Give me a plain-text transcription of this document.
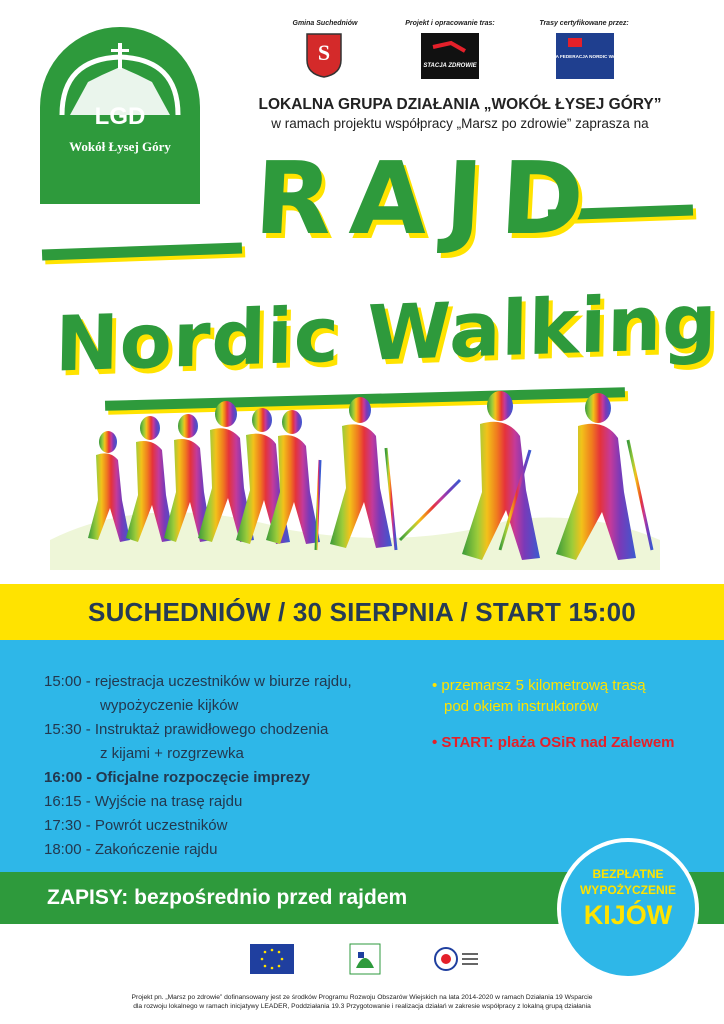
LGD
Wokół Łysej Góry
Gmina Suchedniów
S
Projekt i opracowanie tras:
STACJA ZDROWIE
Trasy certyfikowane przez:
POLSKA FEDERACJA NORDIC WALKING
LOKALNA GRUPA DZIAŁANIA „WOKÓŁ ŁYSEJ GÓRY”
w ramach projektu współpracy „Marsz po zdrowie” zaprasza na
RAJD
Nordic Walking
SUCHEDNIÓW / 30 SIERPNIA / START 15:00
15:00 - rejestracja uczestników w biurze rajdu,
wypożyczenie kijków
15:30 - Instruktaż prawidłowego chodzenia
z kijami + rozgrzewka
16:00 - Oficjalne rozpoczęcie imprezy
16:15 - Wyjście na trasę rajdu
17:30 - Powrót uczestników
18:00 - Zakończenie rajdu
• przemarsz 5 kilometrową trasą
pod okiem instruktorów
• START: plaża OSiR nad Zalewem
ZAPISY: bezpośrednio przed rajdem
BEZPŁATNE
WYPOŻYCZENIE
KIJÓW
Projekt pn. „Marsz po zdrowie” dofinansowany jest ze środków Programu Rozwoju Obszarów Wiejskich na lata 2014-2020 w ramach Działania 19 Wsparcie
dla rozwoju lokalnego w ramach inicjatywy LEADER, Poddziałania 19.3 Przygotowanie i realizacja działań w zakresie współpracy z lokalną grupą działania
